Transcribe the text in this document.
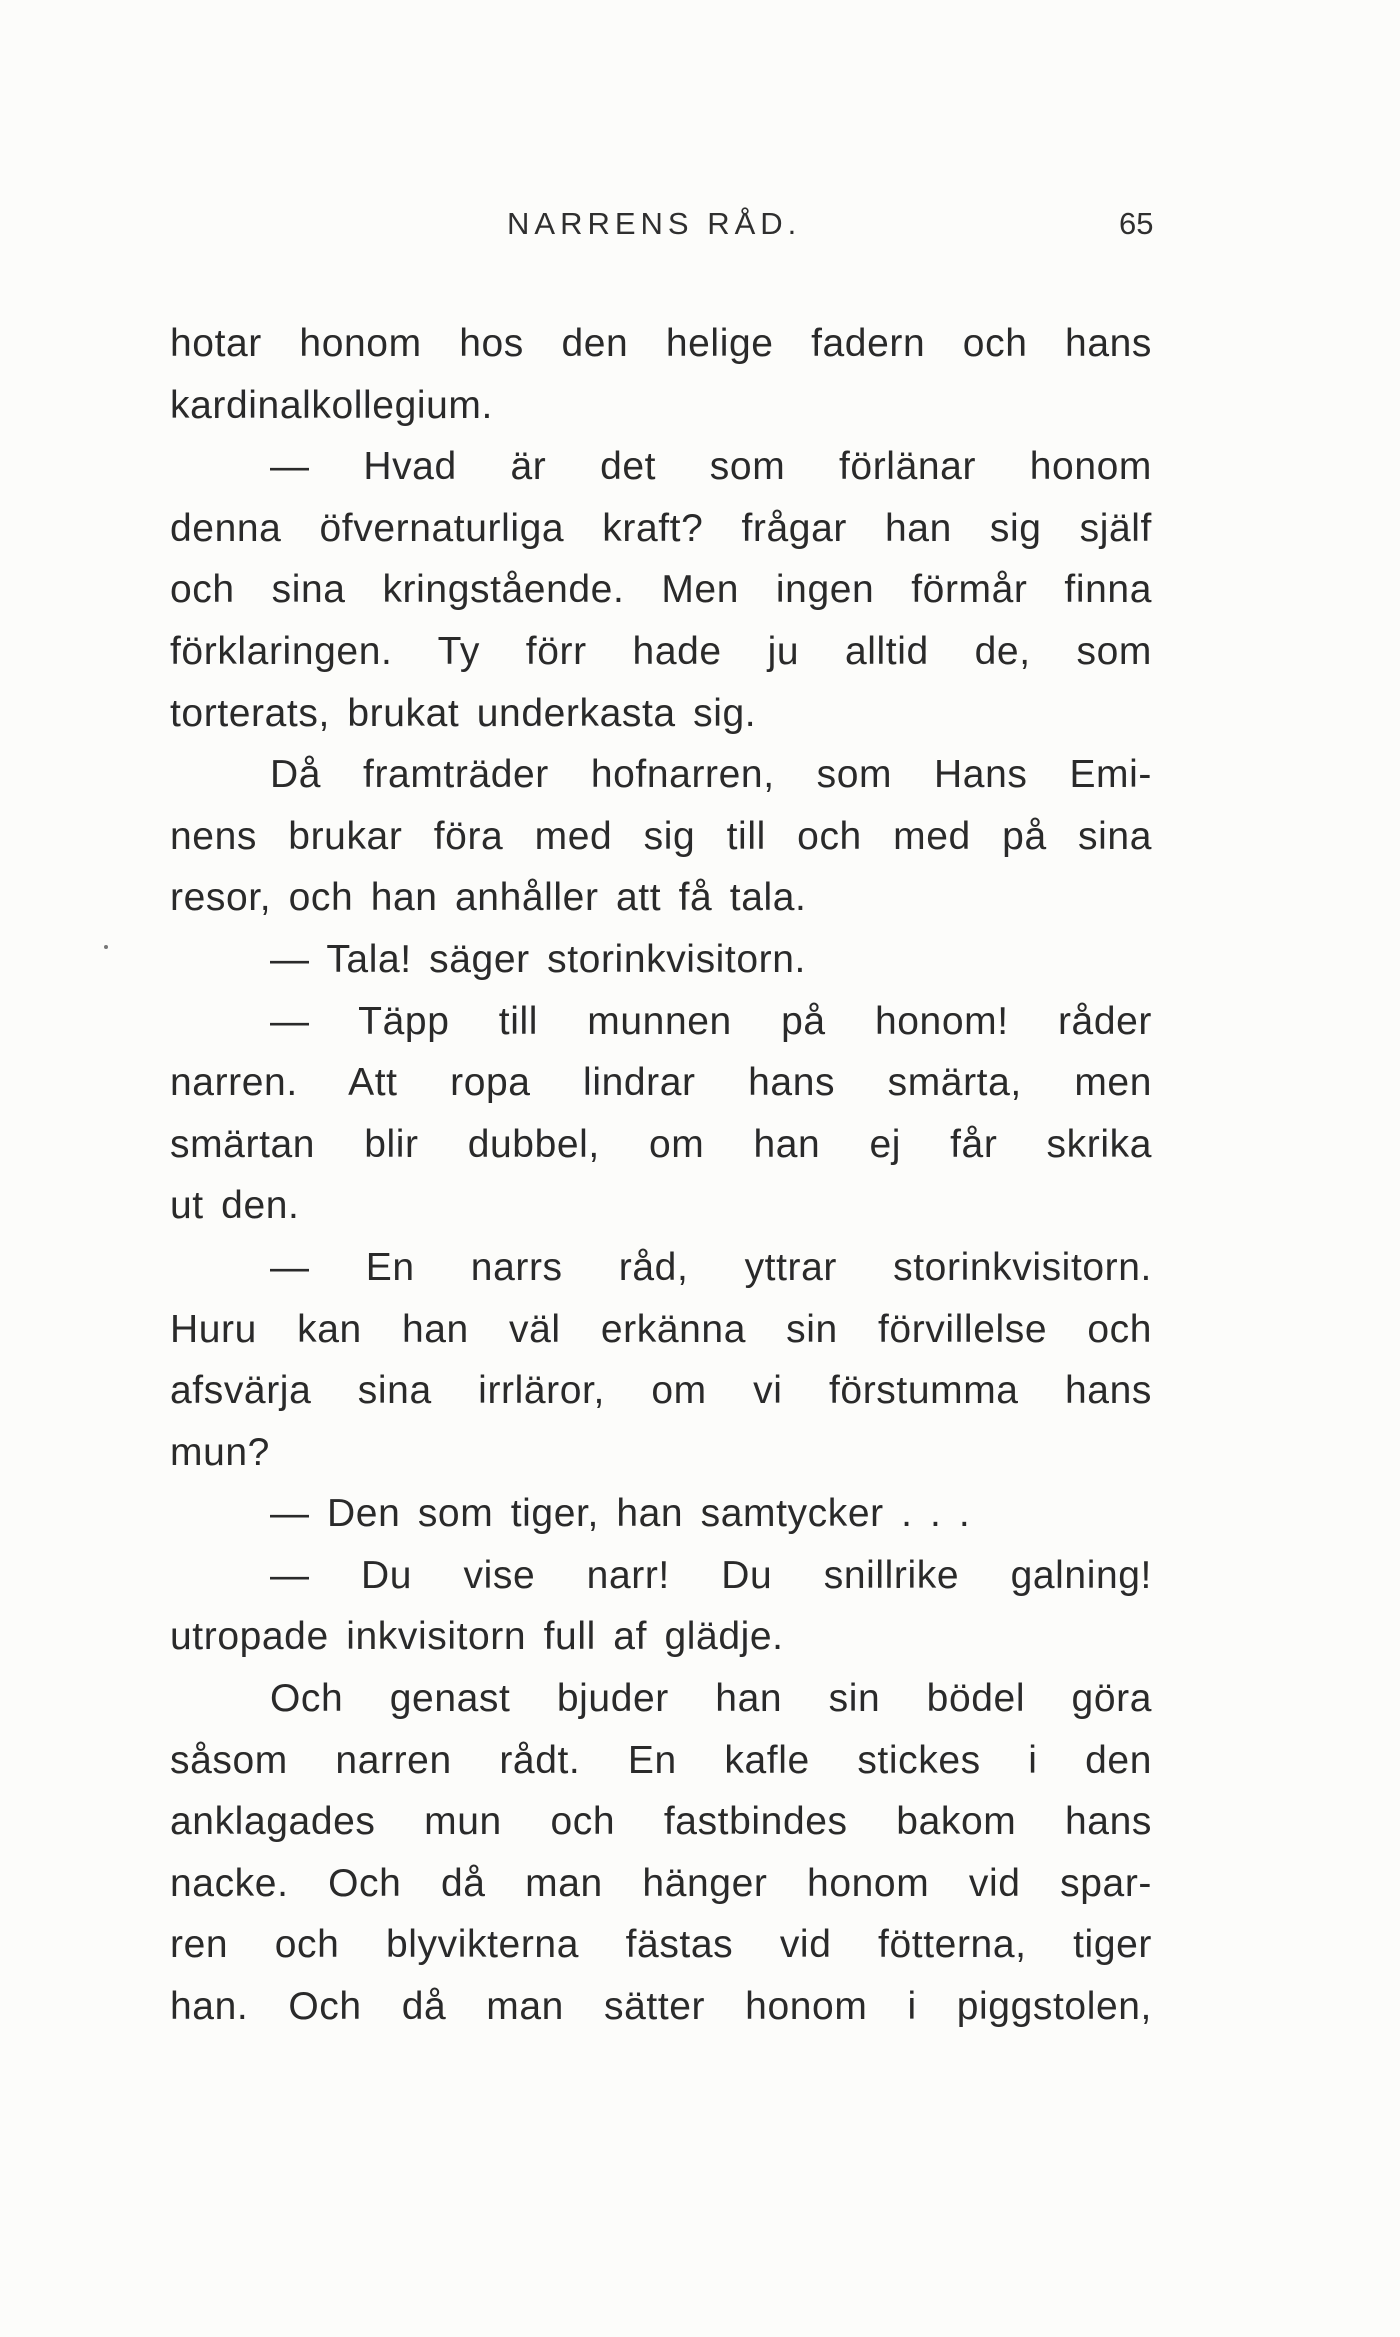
NARRENS RÅD.	65
hotar honom hos den helige fadern och hans
kardinalkollegium.
— Hvad är det som förlänar honom
denna öfvernaturliga kraft? frågar han sig själf
och sina kringstående. Men ingen förmår finna
förklaringen. Ty förr hade ju alltid de, som
torterats, brukat underkasta sig.
Då framträder hofnarren, som Hans Emi-
nens brukar föra med sig till och med på sina
resor, och han anhåller att få tala.
— Tala! säger storinkvisitorn.
— Täpp till munnen på honom! råder
narren. Att ropa lindrar hans smärta, men
smärtan blir dubbel, om han ej får skrika
ut den.
— En narrs råd, yttrar storinkvisitorn.
Huru kan han väl erkänna sin förvillelse och
afsvärja sina irrläror, om vi förstumma hans
mun?
— Den som tiger, han samtycker . . .
— Du vise narr! Du snillrike galning!
utropade inkvisitorn full af glädje.
Och genast bjuder han sin bödel göra
såsom narren rådt. En kafle stickes i den
anklagades mun och fastbindes bakom hans
nacke. Och då man hänger honom vid spar-
ren och blyvikterna fästas vid fötterna, tiger
han. Och då man sätter honom i piggstolen,
